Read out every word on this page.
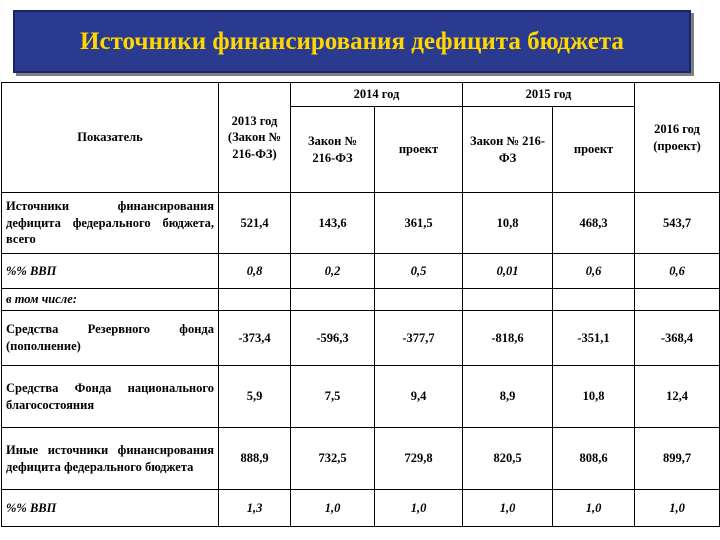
Источники финансирования дефицита бюджета
Показатель	2013 год (Закон № 216-ФЗ)	2014 год		2015 год		2016 год (проект)
		Закон № 216-ФЗ	проект	Закон № 216-ФЗ	проект	
Источники финансирования дефицита федерального бюджета, всего	521,4	143,6	361,5	10,8	468,3	543,7
%% ВВП	0,8	0,2	0,5	0,01	0,6	0,6
в том числе:						
Средства Резервного фонда (пополнение)	-373,4	-596,3	-377,7	-818,6	-351,1	-368,4
Средства Фонда национального благосостояния	5,9	7,5	9,4	8,9	10,8	12,4
Иные источники финансирования дефицита федерального бюджета	888,9	732,5	729,8	820,5	808,6	899,7
%% ВВП	1,3	1,0	1,0	1,0	1,0	1,0
